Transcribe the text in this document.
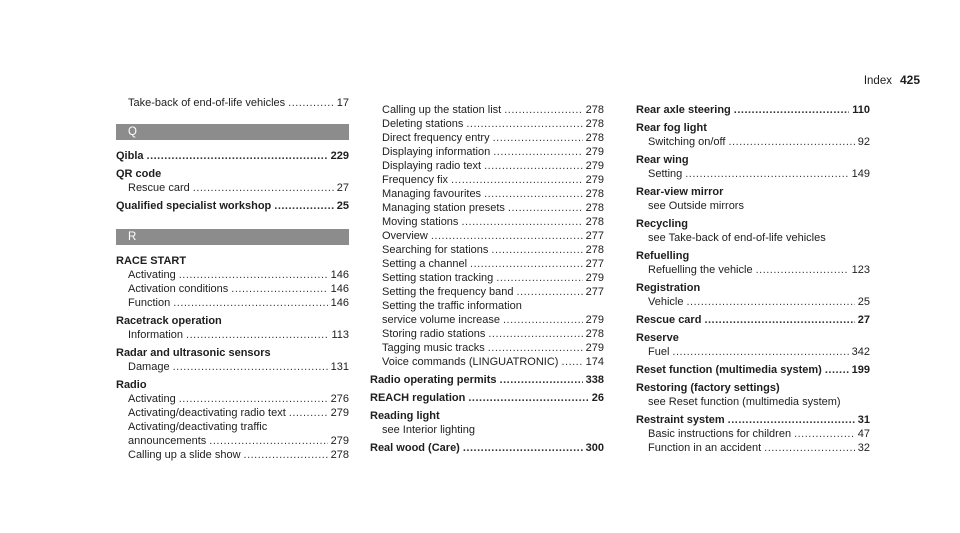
Index 425
Take-back of end-of-life vehicles .....	17
Q
Qibla .....	229
QR code
Rescue card .....	27
Qualified specialist workshop .....	25
R
RACE START
Activating .....	146
Activation conditions .....	146
Function .....	146
Racetrack operation
Information .....	113
Radar and ultrasonic sensors
Damage .....	131
Radio
Activating .....	276
Activating/deactivating radio text .....	279
Activating/deactivating traffic
announcements .....	279
Calling up a slide show .....	278
Calling up the station list .....	278
Deleting stations .....	278
Direct frequency entry .....	278
Displaying information .....	279
Displaying radio text .....	279
Frequency fix .....	279
Managing favourites .....	278
Managing station presets .....	278
Moving stations .....	278
Overview .....	277
Searching for stations .....	278
Setting a channel .....	277
Setting station tracking .....	279
Setting the frequency band .....	277
Setting the traffic information
service volume increase .....	279
Storing radio stations .....	278
Tagging music tracks .....	279
Voice commands (LINGUATRONIC) ..... 174
Radio operating permits .....	338
REACH regulation .....	26
Reading light
see Interior lighting
Real wood (Care) .....	300
Rear axle steering .....	110
Rear fog light
Switching on/off .....	92
Rear wing
Setting .....	149
Rear-view mirror
see Outside mirrors
Recycling
see Take-back of end-of-life vehicles
Refuelling
Refuelling the vehicle .....	123
Registration
Vehicle .....	25
Rescue card .....	27
Reserve
Fuel .....	342
Reset function (multimedia system) .....	199
Restoring (factory settings)
see Reset function (multimedia system)
Restraint system .....	31
Basic instructions for children .....	47
Function in an accident .....	32
